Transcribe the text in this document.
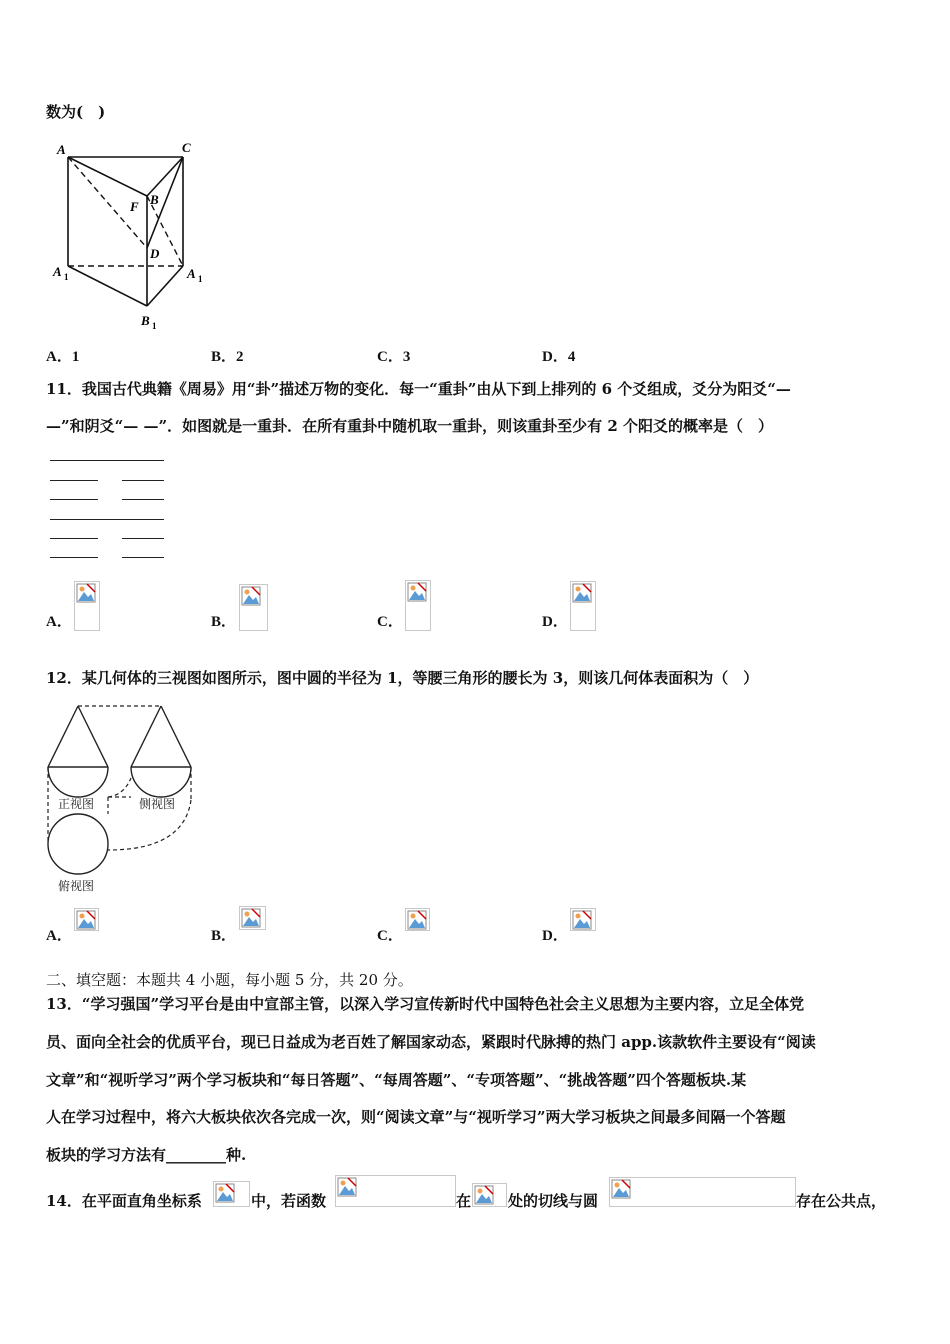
数为(　)
A	C
B
F
D
A 1	A 1
B 1
A．1	B．2	C．3	D．4
11．我国古代典籍《周易》用“卦”描述万物的变化．每一“重卦”由从下到上排列的 6 个爻组成，爻分为阳爻“—
—”和阴爻“— —”．如图就是一重卦．在所有重卦中随机取一重卦，则该重卦至少有 2 个阳爻的概率是（　）
A．	B．	C．	D．
12．某几何体的三视图如图所示，图中圆的半径为 1，等腰三角形的腰长为 3，则该几何体表面积为（　）
正视图	侧视图
俯视图
A．	B．	C．	D．
二、填空题：本题共 4 小题，每小题 5 分，共 20 分。
13．“学习强国”学习平台是由中宣部主管，以深入学习宣传新时代中国特色社会主义思想为主要内容，立足全体党
员、面向全社会的优质平台，现已日益成为老百姓了解国家动态，紧跟时代脉搏的热门 app.该款软件主要设有“阅读
文章”和“视听学习”两个学习板块和“每日答题”、“每周答题”、“专项答题”、“挑战答题”四个答题板块.某
人在学习过程中，将六大板块依次各完成一次，则“阅读文章”与“视听学习”两大学习板块之间最多间隔一个答题
板块的学习方法有________种.
14．在平面直角坐标系	中，若函数	在 处的切线与圆	存在公共点，
